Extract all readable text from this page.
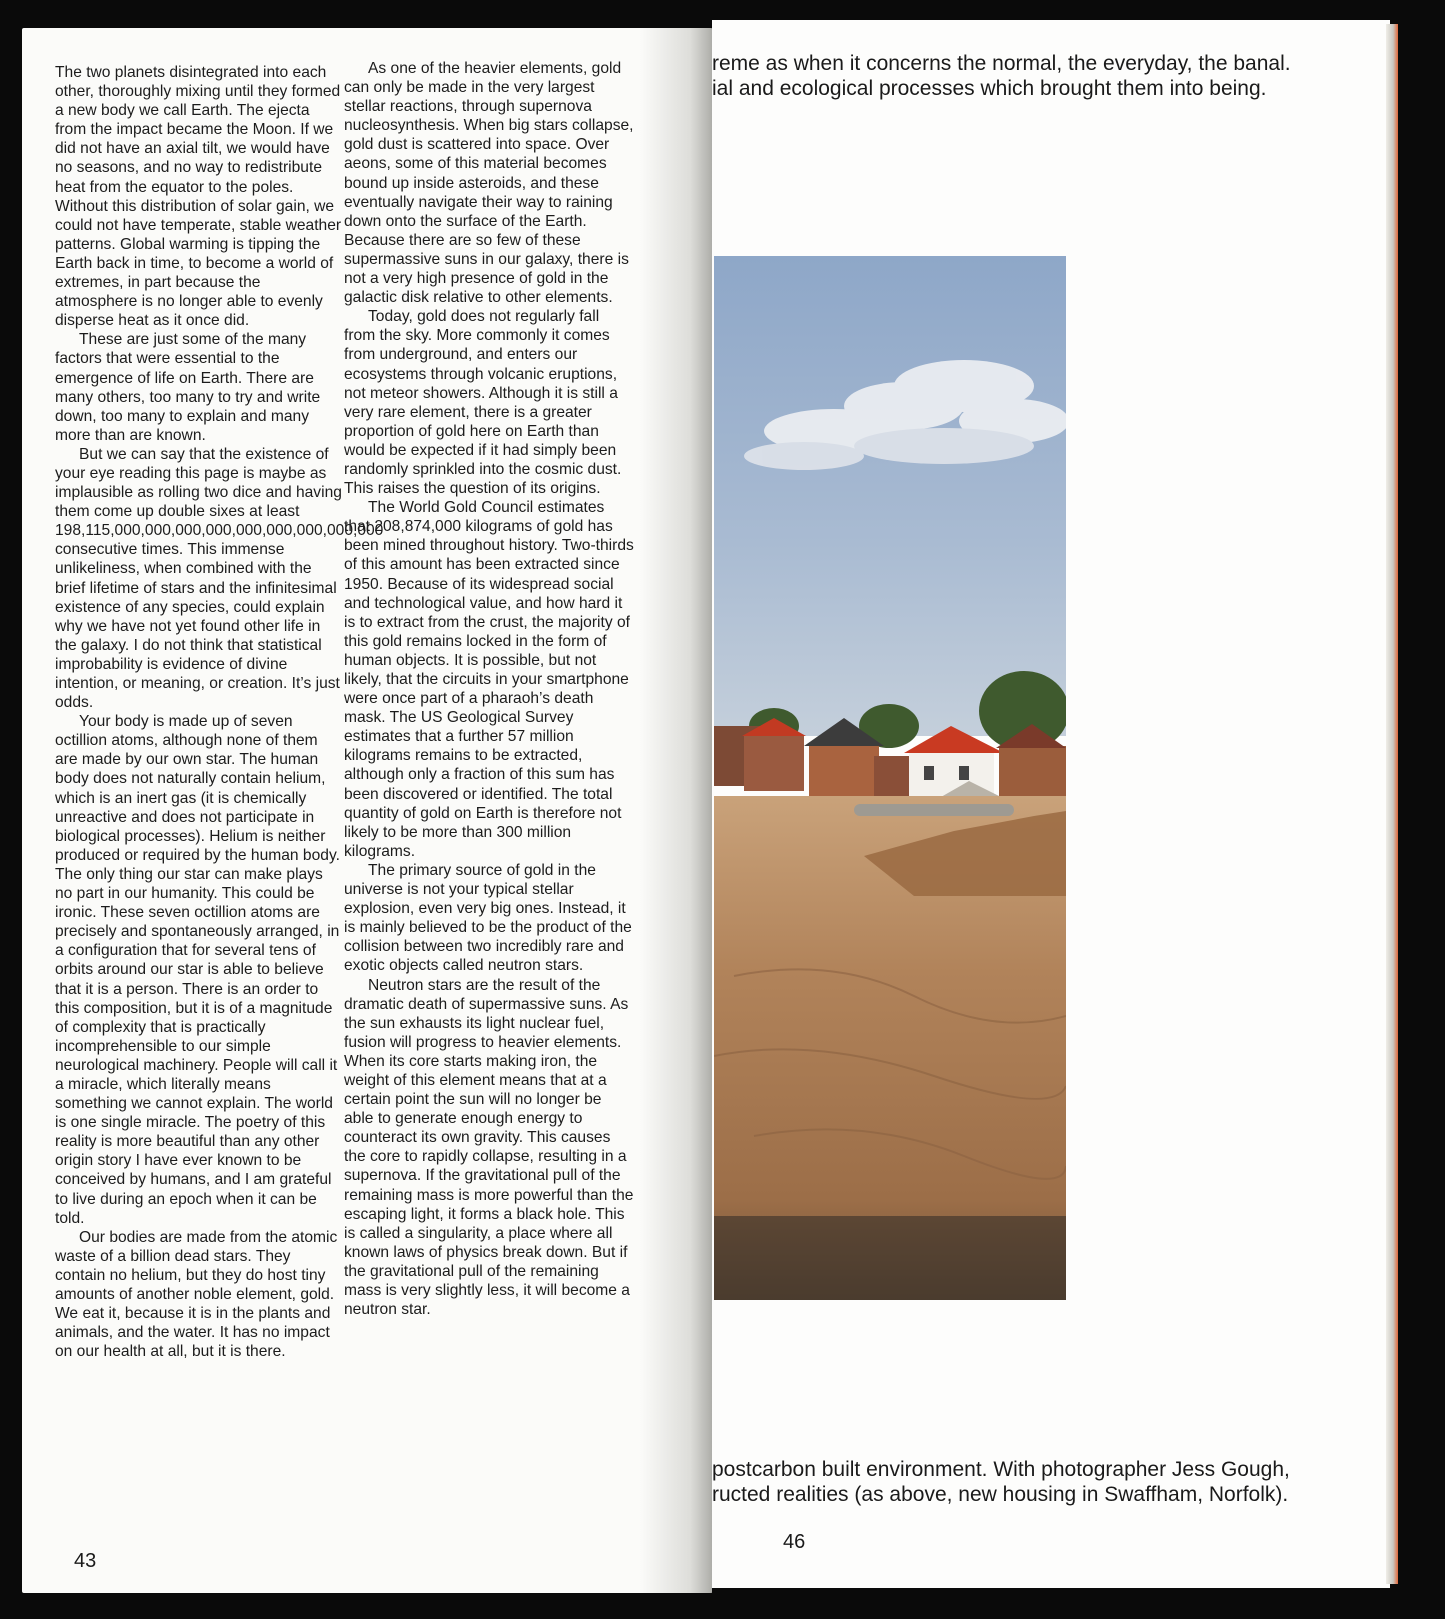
The two planets disintegrated into each other, thoroughly mixing until they formed a new body we call Earth. The ejecta from the impact became the Moon. If we did not have an axial tilt, we would have no seasons, and no way to redistribute heat from the equator to the poles. Without this distribution of solar gain, we could not have temperate, stable weather patterns. Global warming is tipping the Earth back in time, to become a world of extremes, in part because the atmosphere is no longer able to evenly disperse heat as it once did.

These are just some of the many factors that were essential to the emergence of life on Earth. There are many others, too many to try and write down, too many to explain and many more than are known.

But we can say that the existence of your eye reading this page is maybe as implausible as rolling two dice and having them come up double sixes at least 198,115,000,000,000,000,000,000,000,000,000 consecutive times. This immense unlikeliness, when combined with the brief lifetime of stars and the infinitesimal existence of any species, could explain why we have not yet found other life in the galaxy. I do not think that statistical improbability is evidence of divine intention, or meaning, or creation. It’s just odds.

Your body is made up of seven octillion atoms, although none of them are made by our own star. The human body does not naturally contain helium, which is an inert gas (it is chemically unreactive and does not participate in biological processes). Helium is neither produced or required by the human body. The only thing our star can make plays no part in our humanity. This could be ironic. These seven octillion atoms are precisely and spontaneously arranged, in a configuration that for several tens of orbits around our star is able to believe that it is a person. There is an order to this composition, but it is of a magnitude of complexity that is practically incomprehensible to our simple neurological machinery. People will call it a miracle, which literally means something we cannot explain. The world is one single miracle. The poetry of this reality is more beautiful than any other origin story I have ever known to be conceived by humans, and I am grateful to live during an epoch when it can be told.

Our bodies are made from the atomic waste of a billion dead stars. They contain no helium, but they do host tiny amounts of another noble element, gold. We eat it, because it is in the plants and animals, and the water. It has no impact on our health at all, but it is there.

As one of the heavier elements, gold can only be made in the very largest stellar reactions, through supernova nucleosynthesis. When big stars collapse, gold dust is scattered into space. Over aeons, some of this material becomes bound up inside asteroids, and these eventually navigate their way to raining down onto the surface of the Earth. Because there are so few of these supermassive suns in our galaxy, there is not a very high presence of gold in the galactic disk relative to other elements.

Today, gold does not regularly fall from the sky. More commonly it comes from underground, and enters our ecosystems through volcanic eruptions, not meteor showers. Although it is still a very rare element, there is a greater proportion of gold here on Earth than would be expected if it had simply been randomly sprinkled into the cosmic dust. This raises the question of its origins.

The World Gold Council estimates that 208,874,000 kilograms of gold has been mined throughout history. Two-thirds of this amount has been extracted since 1950. Because of its widespread social and technological value, and how hard it is to extract from the crust, the majority of this gold remains locked in the form of human objects. It is possible, but not likely, that the circuits in your smartphone were once part of a pharaoh’s death mask. The US Geological Survey estimates that a further 57 million kilograms remains to be extracted, although only a fraction of this sum has been discovered or identified. The total quantity of gold on Earth is therefore not likely to be more than 300 million kilograms.

The primary source of gold in the universe is not your typical stellar explosion, even very big ones. Instead, it is mainly believed to be the product of the collision between two incredibly rare and exotic objects called neutron stars.

Neutron stars are the result of the dramatic death of supermassive suns. As the sun exhausts its light nuclear fuel, fusion will progress to heavier elements. When its core starts making iron, the weight of this element means that at a certain point the sun will no longer be able to generate enough energy to counteract its own gravity. This causes the core to rapidly collapse, resulting in a supernova. If the gravitational pull of the remaining mass is more powerful than the escaping light, it forms a black hole. This is called a singularity, a place where all known laws of physics break down. But if the gravitational pull of the remaining mass is very slightly less, it will become a neutron star.

43
reme as when it concerns the normal, the everyday, the banal.
ial and ecological processes which brought them into being.
postcarbon built environment. With photographer Jess Gough,
ructed realities (as above, new housing in Swaffham, Norfolk).
46
